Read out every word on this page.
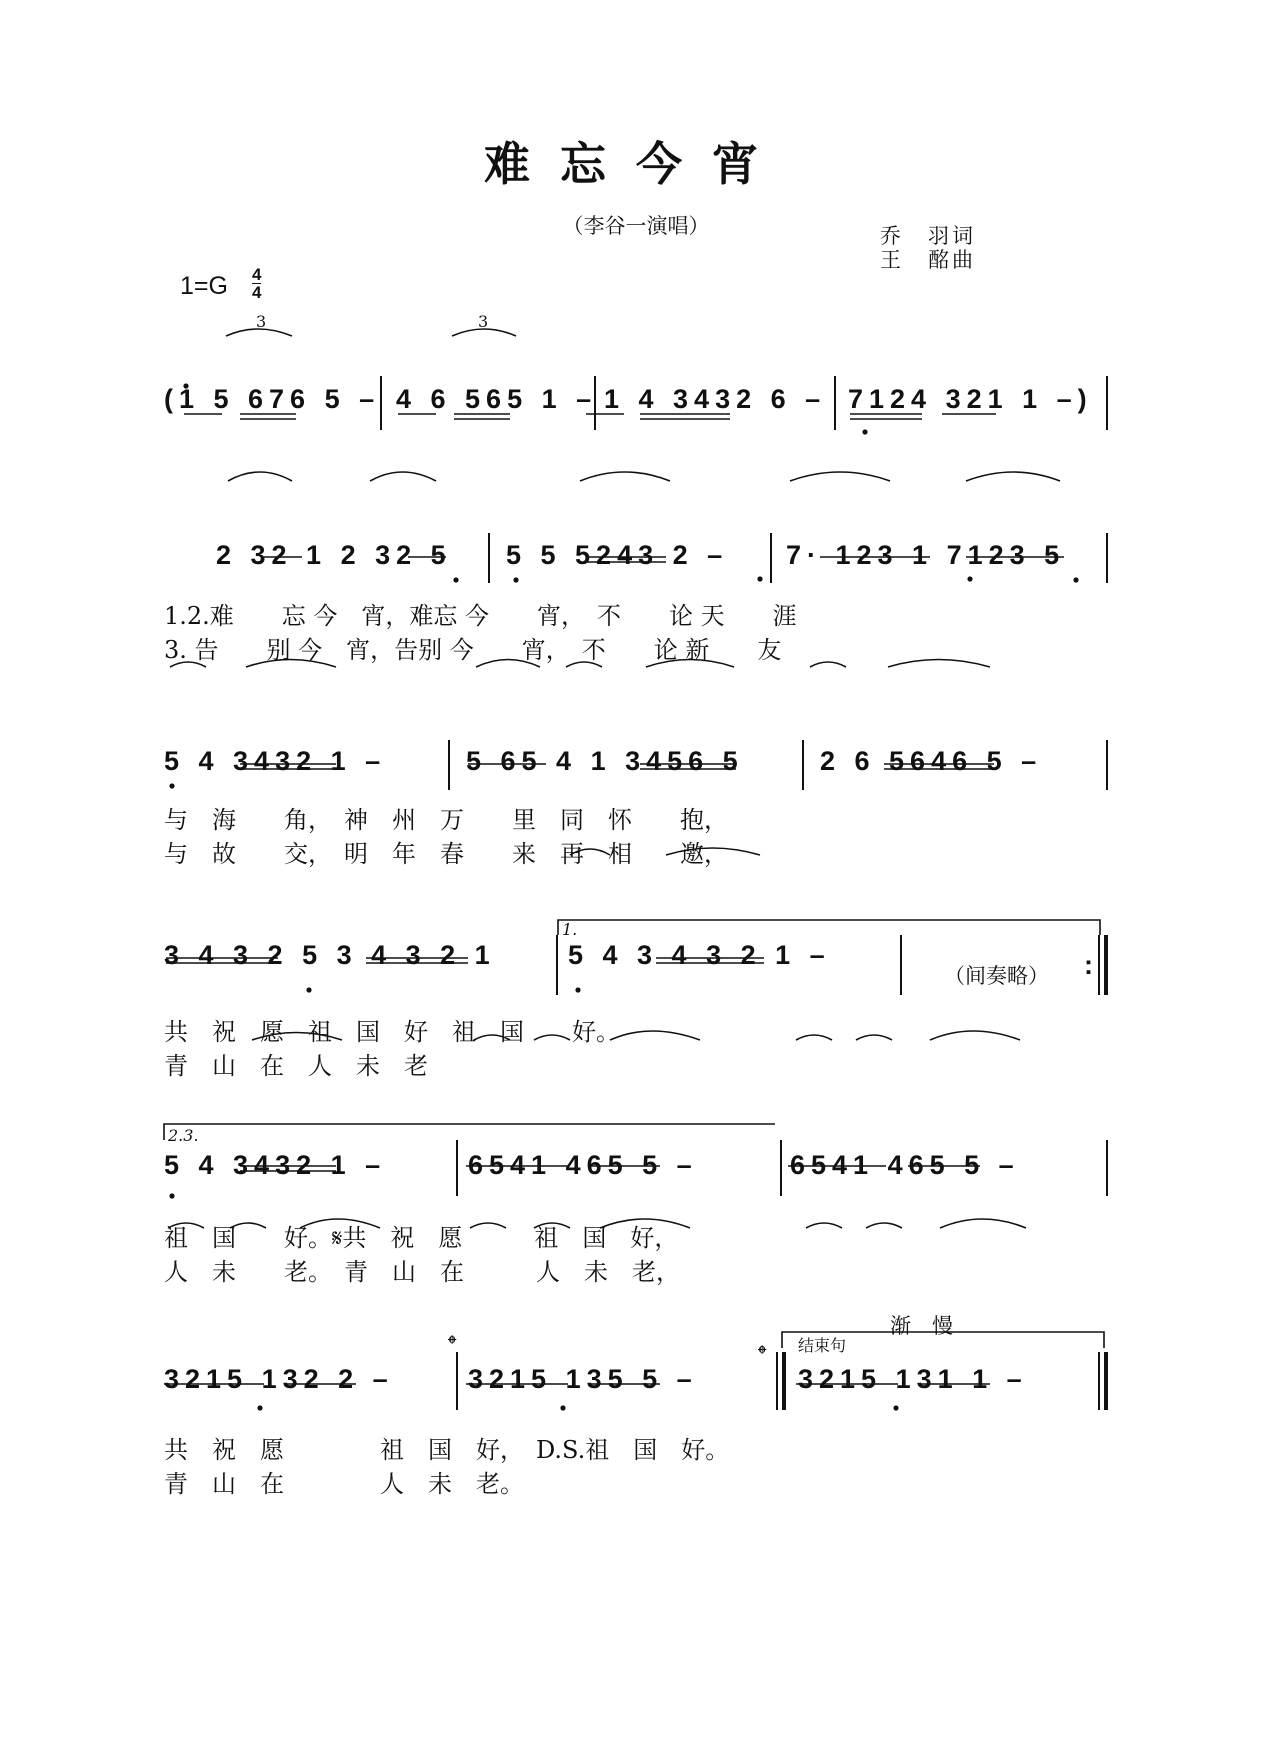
难忘今宵
（李谷一演唱）	乔　羽词
王　酩曲
1=G 4
4
3	3
(1 5 676 5 – 4 6 565 1 – 1 4 3432 6 – 7124 321 1 –)
2 32 1 2 32 5 5 5 5243 2 – 7· 123 1 7123 5
1.2.难　　忘 今　宵，难忘 今　　宵，　不　　论 天　　涯
3. 告　　别 今　宵，告别 今　　宵，　不　　论 新　　友
5 4 3432 1 –	5 65 4 1 3456 5	2 6 5646 5 –
与　海　　角，　神　州　万　　里　同　怀　　抱，
与　故　　交，　明　年　春　　来　再　相　　邀，
1.
3 4 3 2 5 3 4 3 2 1	5 4 3 4 3 2 1 –
（间奏略） :
共　祝　愿　祖　国　好　祖　国　　好。
青　山　在　人　未　老
2.3.
5 4 3432 1 –	6541 465 5 –	6541 465 5 –
祖　国　　好。𝄋共　祝　愿　　　祖　国　好，
人　未　　老。　青　山　在　　　人　未　老，
渐　慢
结束句
𝄌	𝄌
3215 132 2 –	3215 135 5 –	3215 131 1 –
共　祝　愿　　　　祖　国　好，　D.S.祖　国　好。
青　山　在　　　　人　未　老。
